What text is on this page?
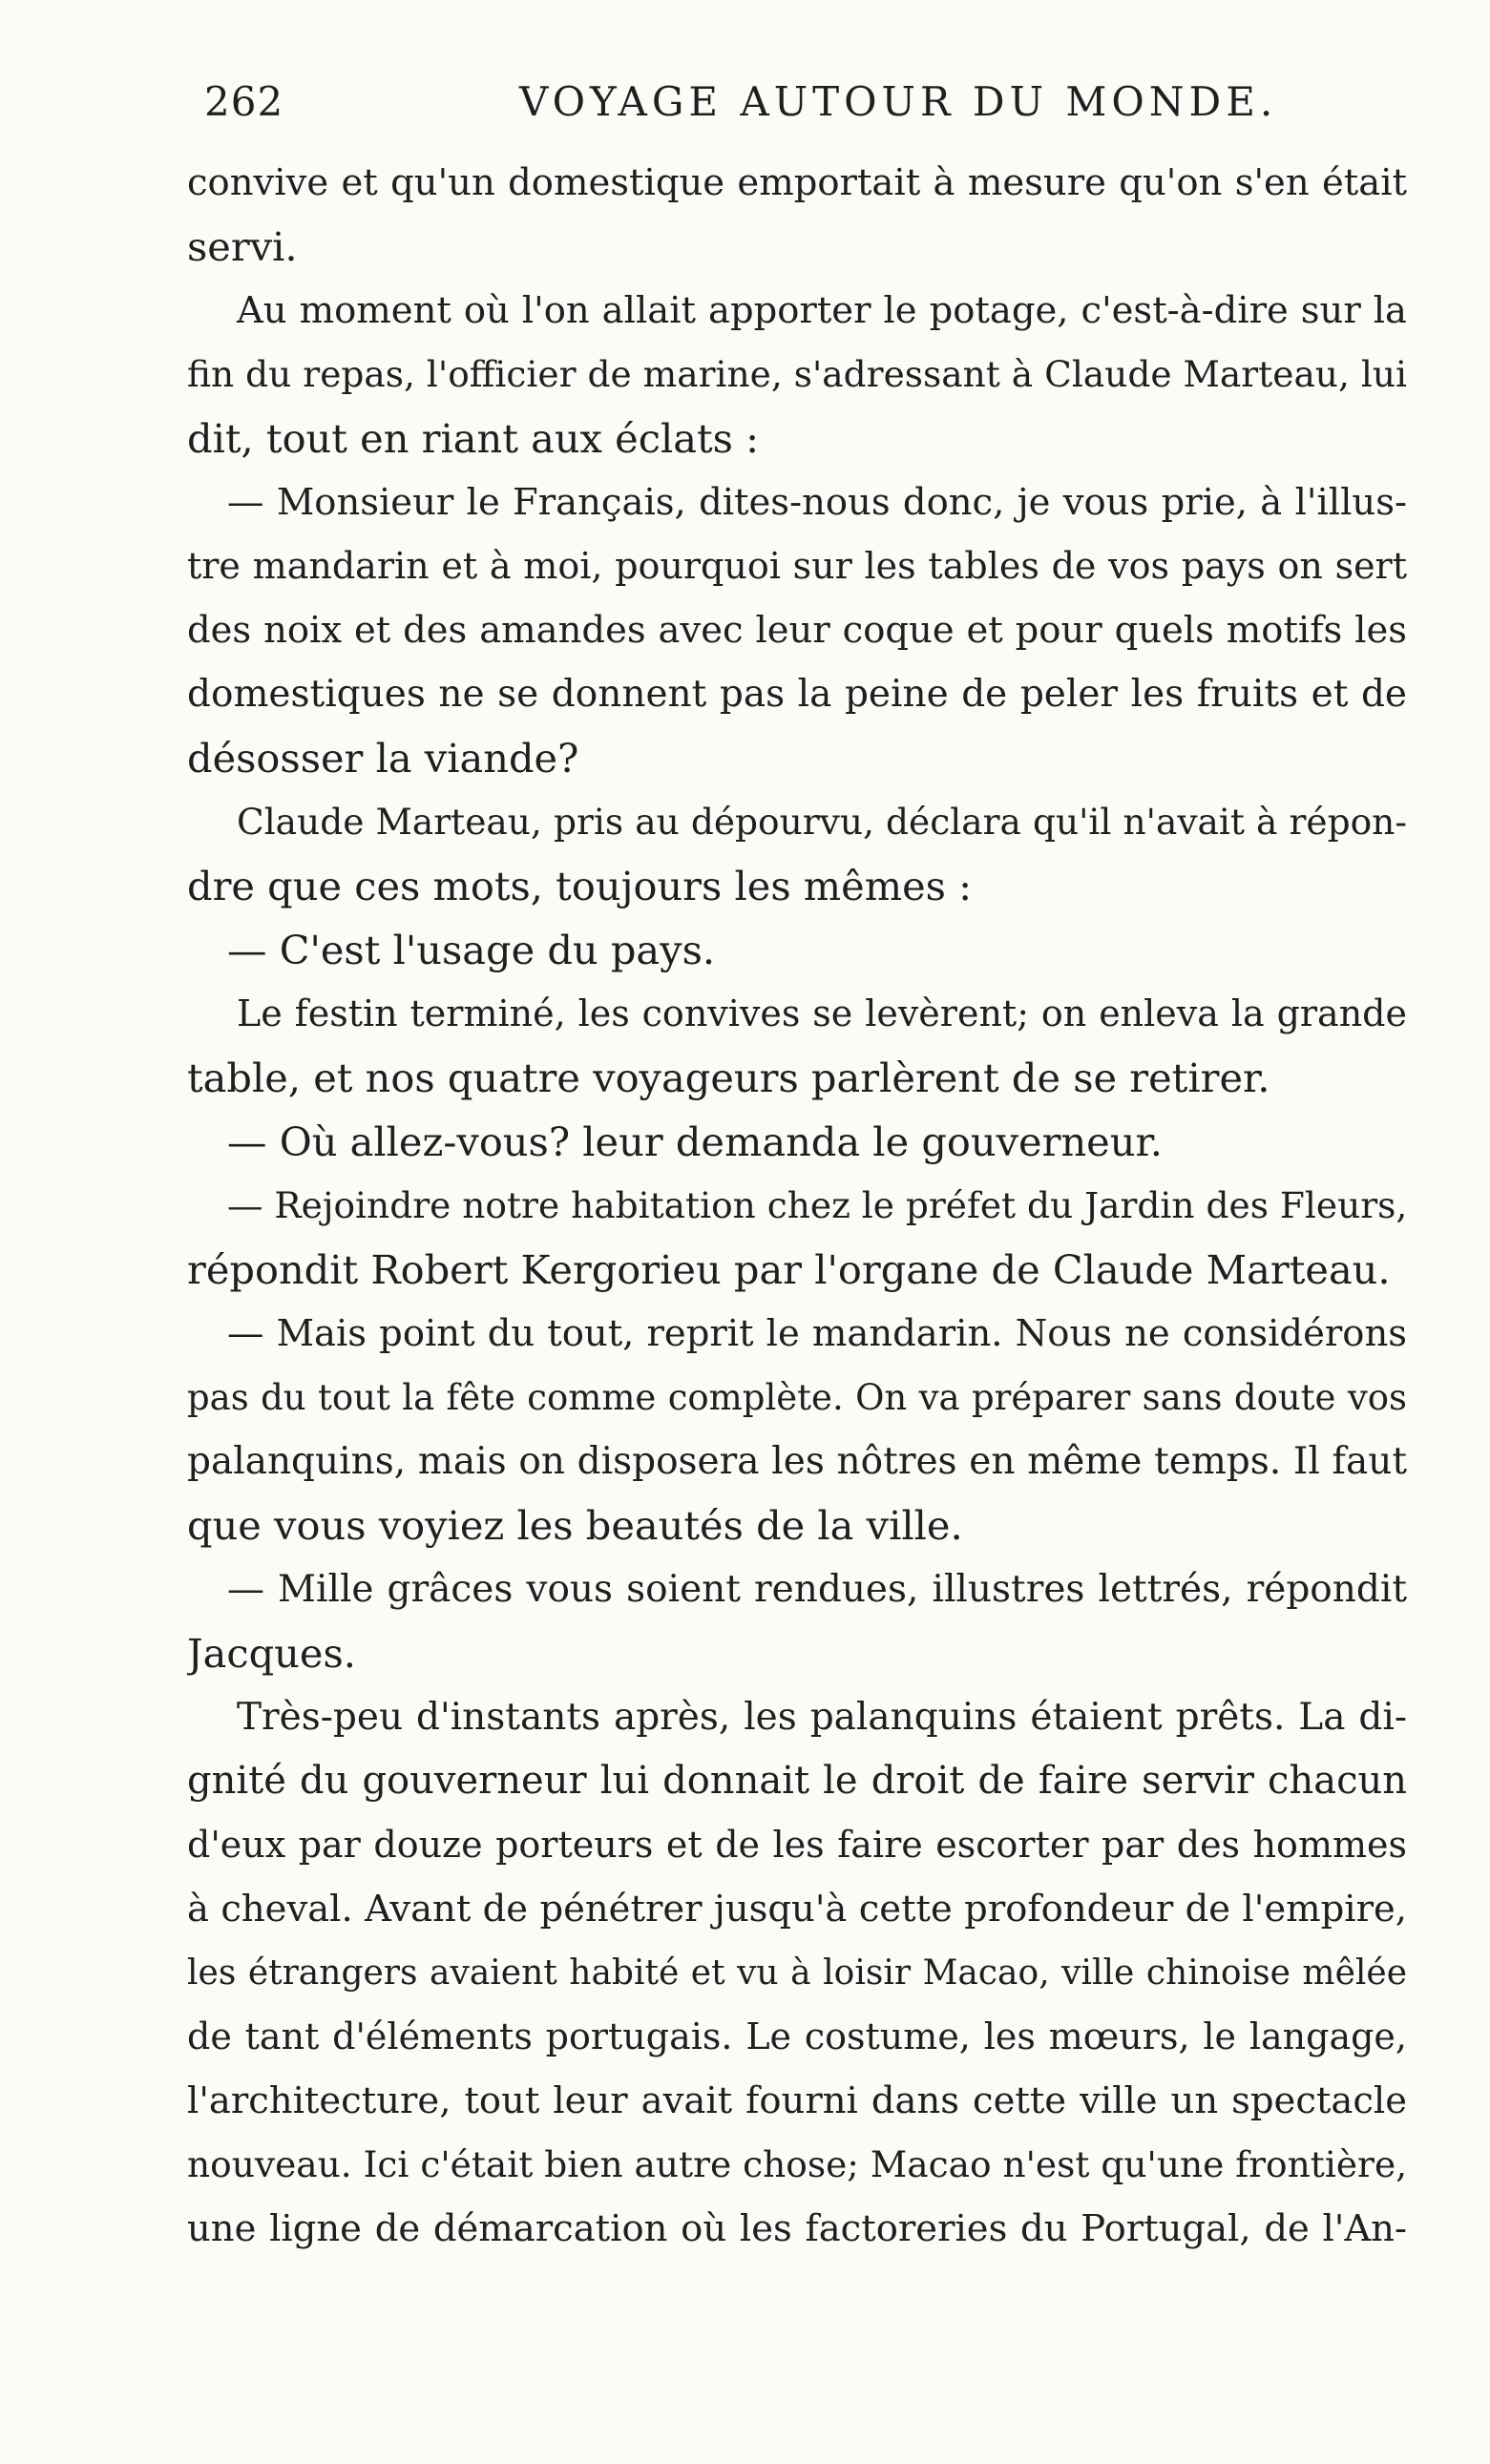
262	VOYAGE AUTOUR DU MONDE.
convive et qu'un domestique emportait à mesure qu'on s'en était
servi.
Au moment où l'on allait apporter le potage, c'est-à-dire sur la
fin du repas, l'officier de marine, s'adressant à Claude Marteau, lui
dit, tout en riant aux éclats :
— Monsieur le Français, dites-nous donc, je vous prie, à l'illus-
tre mandarin et à moi, pourquoi sur les tables de vos pays on sert
des noix et des amandes avec leur coque et pour quels motifs les
domestiques ne se donnent pas la peine de peler les fruits et de
désosser la viande?
Claude Marteau, pris au dépourvu, déclara qu'il n'avait à répon-
dre que ces mots, toujours les mêmes :
— C'est l'usage du pays.
Le festin terminé, les convives se levèrent; on enleva la grande
table, et nos quatre voyageurs parlèrent de se retirer.
— Où allez-vous? leur demanda le gouverneur.
— Rejoindre notre habitation chez le préfet du Jardin des Fleurs,
répondit Robert Kergorieu par l'organe de Claude Marteau.
— Mais point du tout, reprit le mandarin. Nous ne considérons
pas du tout la fête comme complète. On va préparer sans doute vos
palanquins, mais on disposera les nôtres en même temps. Il faut
que vous voyiez les beautés de la ville.
— Mille grâces vous soient rendues, illustres lettrés, répondit
Jacques.
Très-peu d'instants après, les palanquins étaient prêts. La di-
gnité du gouverneur lui donnait le droit de faire servir chacun
d'eux par douze porteurs et de les faire escorter par des hommes
à cheval. Avant de pénétrer jusqu'à cette profondeur de l'empire,
les étrangers avaient habité et vu à loisir Macao, ville chinoise mêlée
de tant d'éléments portugais. Le costume, les mœurs, le langage,
l'architecture, tout leur avait fourni dans cette ville un spectacle
nouveau. Ici c'était bien autre chose; Macao n'est qu'une frontière,
une ligne de démarcation où les factoreries du Portugal, de l'An-
